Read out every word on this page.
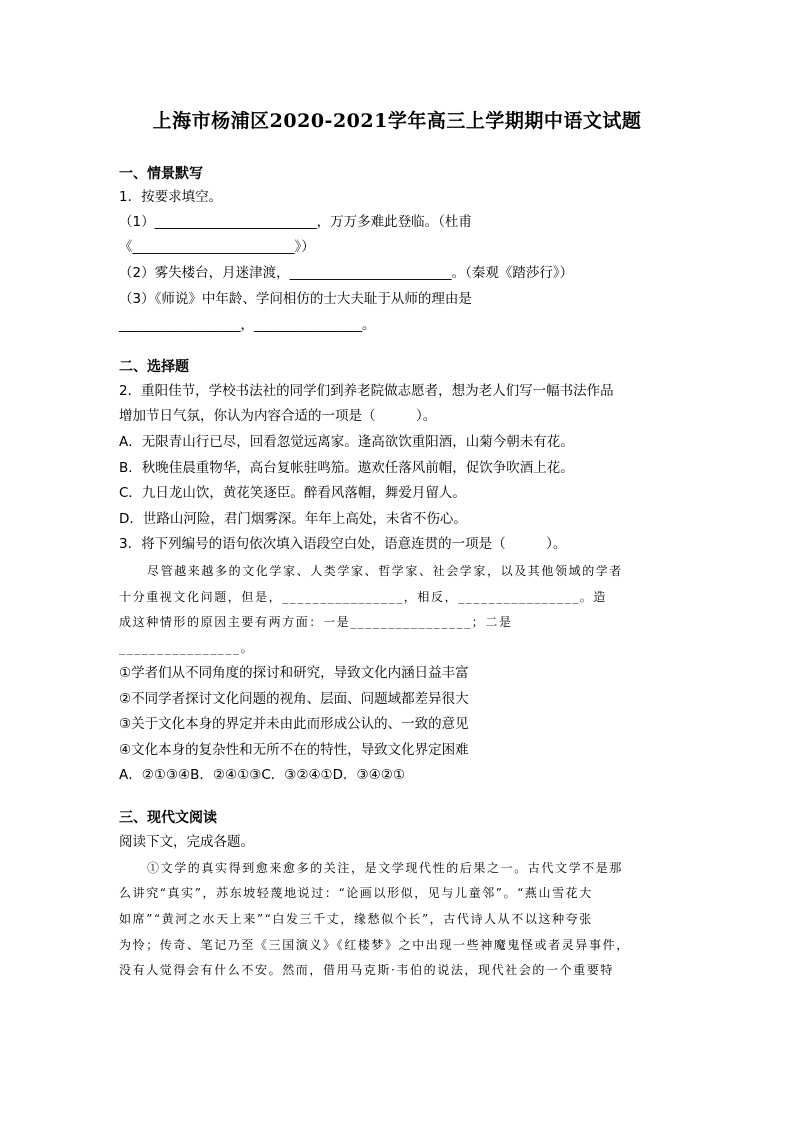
上海市杨浦区2020-2021学年高三上学期期中语文试题
一、情景默写
1．按要求填空。
（1）________________________，万万多难此登临。（杜甫
《________________________》）
（2）雾失楼台，月迷津渡，________________________。（秦观《踏莎行》）
（3）《师说》中年龄、学问相仿的士大夫耻于从师的理由是
__________________，________________。
二、选择题
2．重阳佳节，学校书法社的同学们到养老院做志愿者，想为老人们写一幅书法作品
增加节日气氛，你认为内容合适的一项是（　　　）。
A．无限青山行已尽，回看忽觉远离家。逢高欲饮重阳酒，山菊今朝未有花。
B．秋晚佳晨重物华，高台复帐驻鸣笳。遨欢任落风前帽，促饮争吹酒上花。
C．九日龙山饮，黄花笑逐臣。醉看风落帽，舞爱月留人。
D．世路山河险，君门烟雾深。年年上高处，未省不伤心。
3．将下列编号的语句依次填入语段空白处，语意连贯的一项是（　　　）。
尽管越来越多的文化学家、人类学家、哲学家、社会学家，以及其他领域的学者
十分重视文化问题，但是，________________，相反，________________。造
成这种情形的原因主要有两方面：一是________________；二是
________________。
①学者们从不同角度的探讨和研究，导致文化内涵日益丰富
②不同学者探讨文化问题的视角、层面、问题域都差异很大
③关于文化本身的界定并未由此而形成公认的、一致的意见
④文化本身的复杂性和无所不在的特性，导致文化界定困难
A．②①③④B．②④①③C．③②④①D．③④②①
三、现代文阅读
阅读下文，完成各题。
①文学的真实得到愈来愈多的关注，是文学现代性的后果之一。古代文学不是那
么讲究“真实”，苏东坡轻蔑地说过：“论画以形似，见与儿童邻”。“燕山雪花大
如席”“黄河之水天上来”“白发三千丈，缘愁似个长”，古代诗人从不以这种夸张
为怜；传奇、笔记乃至《三国演义》《红楼梦》之中出现一些神魔鬼怪或者灵异事件，
没有人觉得会有什么不安。然而，借用马克斯·韦伯的说法，现代社会的一个重要特
